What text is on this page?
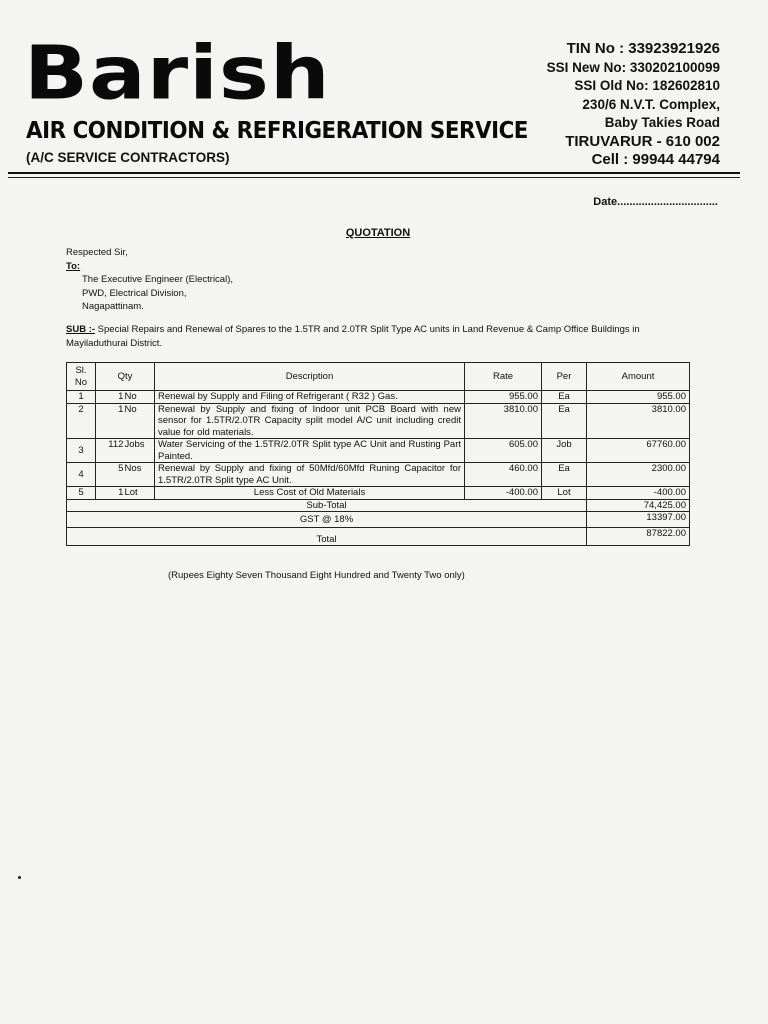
Barish
AIR CONDITION & REFRIGERATION SERVICE
(A/C SERVICE CONTRACTORS)
TIN No : 33923921926
SSI New No: 330202100099
SSI Old No: 182602810
230/6 N.V.T. Complex,
Baby Takies Road
TIRUVARUR - 610 002
Cell : 99944 44794
Date.................................
QUOTATION
Respected Sir,
To:
The Executive Engineer (Electrical),
PWD, Electrical Division,
Nagapattinam.
SUB :- Special Repairs and Renewal of Spares to the 1.5TR and 2.0TR Split Type AC units in Land Revenue & Camp Office Buildings in Mayiladuthurai District.
Sl. No	Qty		Description	Rate	Per	Amount
1	1	No	Renewal by Supply and Filing of Refrigerant ( R32 ) Gas.	955.00	Ea	955.00
2	1	No	Renewal by Supply and fixing of Indoor unit PCB Board with new sensor for 1.5TR/2.0TR Capacity split model A/C unit including credit value for old materials.	3810.00	Ea	3810.00
3	112	Jobs	Water Servicing of the 1.5TR/2.0TR Split type AC Unit and Rusting Part Painted.	605.00	Job	67760.00
4	5	Nos	Renewal by Supply and fixing of 50Mfd/60Mfd Runing Capacitor for 1.5TR/2.0TR Split type AC Unit.	460.00	Ea	2300.00
5	1	Lot	Less Cost of Old Materials	-400.00	Lot	-400.00
Sub-Total						74,425.00
GST @ 18%						13397.00
Total						87822.00
(Rupees Eighty Seven Thousand Eight Hundred and Twenty Two only)
